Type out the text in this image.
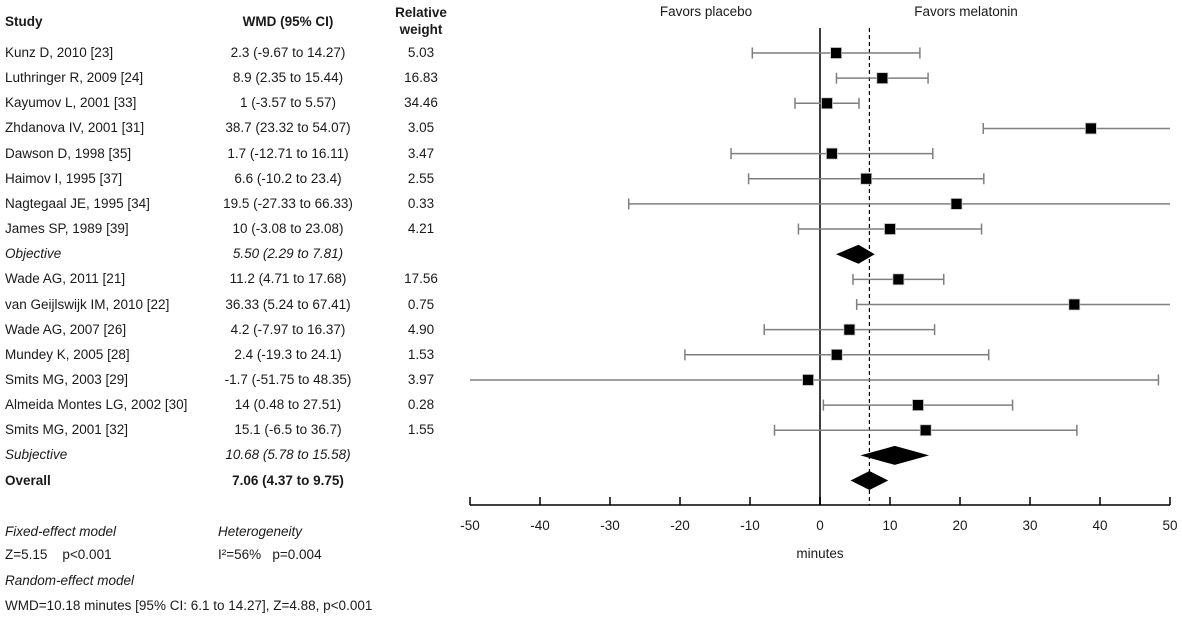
Study	WMD (95% CI)
Relative
weight
Kunz D, 2010 [23]	2.3 (-9.67 to 14.27)	5.03
Luthringer R, 2009 [24]	8.9 (2.35 to 15.44)	16.83
Kayumov L, 2001 [33]	1 (-3.57 to 5.57)	34.46
Zhdanova IV, 2001 [31]	38.7 (23.32 to 54.07)	3.05
Dawson D, 1998 [35]	1.7 (-12.71 to 16.11)	3.47
Haimov I, 1995 [37]	6.6 (-10.2 to 23.4)	2.55
Nagtegaal JE, 1995 [34]	19.5 (-27.33 to 66.33)	0.33
James SP, 1989 [39]	10 (-3.08 to 23.08)	4.21
Objective	5.50 (2.29 to 7.81)
Wade AG, 2011 [21]	11.2 (4.71 to 17.68)	17.56
van Geijlswijk IM, 2010 [22]	36.33 (5.24 to 67.41)	0.75
Wade AG, 2007 [26]	4.2 (-7.97 to 16.37)	4.90
Mundey K, 2005 [28]	2.4 (-19.3 to 24.1)	1.53
Smits MG, 2003 [29]	-1.7 (-51.75 to 48.35)	3.97
Almeida Montes LG, 2002 [30]	14 (0.48 to 27.51)	0.28
Smits MG, 2001 [32]	15.1 (-6.5 to 36.7)	1.55
Subjective	10.68 (5.78 to 15.58)
Overall	7.06 (4.37 to 9.75)
Favors placebo	Favors melatonin
-50	-40	-30	-20	-10	0	10	20	30	40	50
minutes
Fixed-effect model	Heterogeneity
Z=5.15    p<0.001	I²=56%   p=0.004
Random-effect model
WMD=10.18 minutes [95% CI: 6.1 to 14.27], Z=4.88, p<0.001
